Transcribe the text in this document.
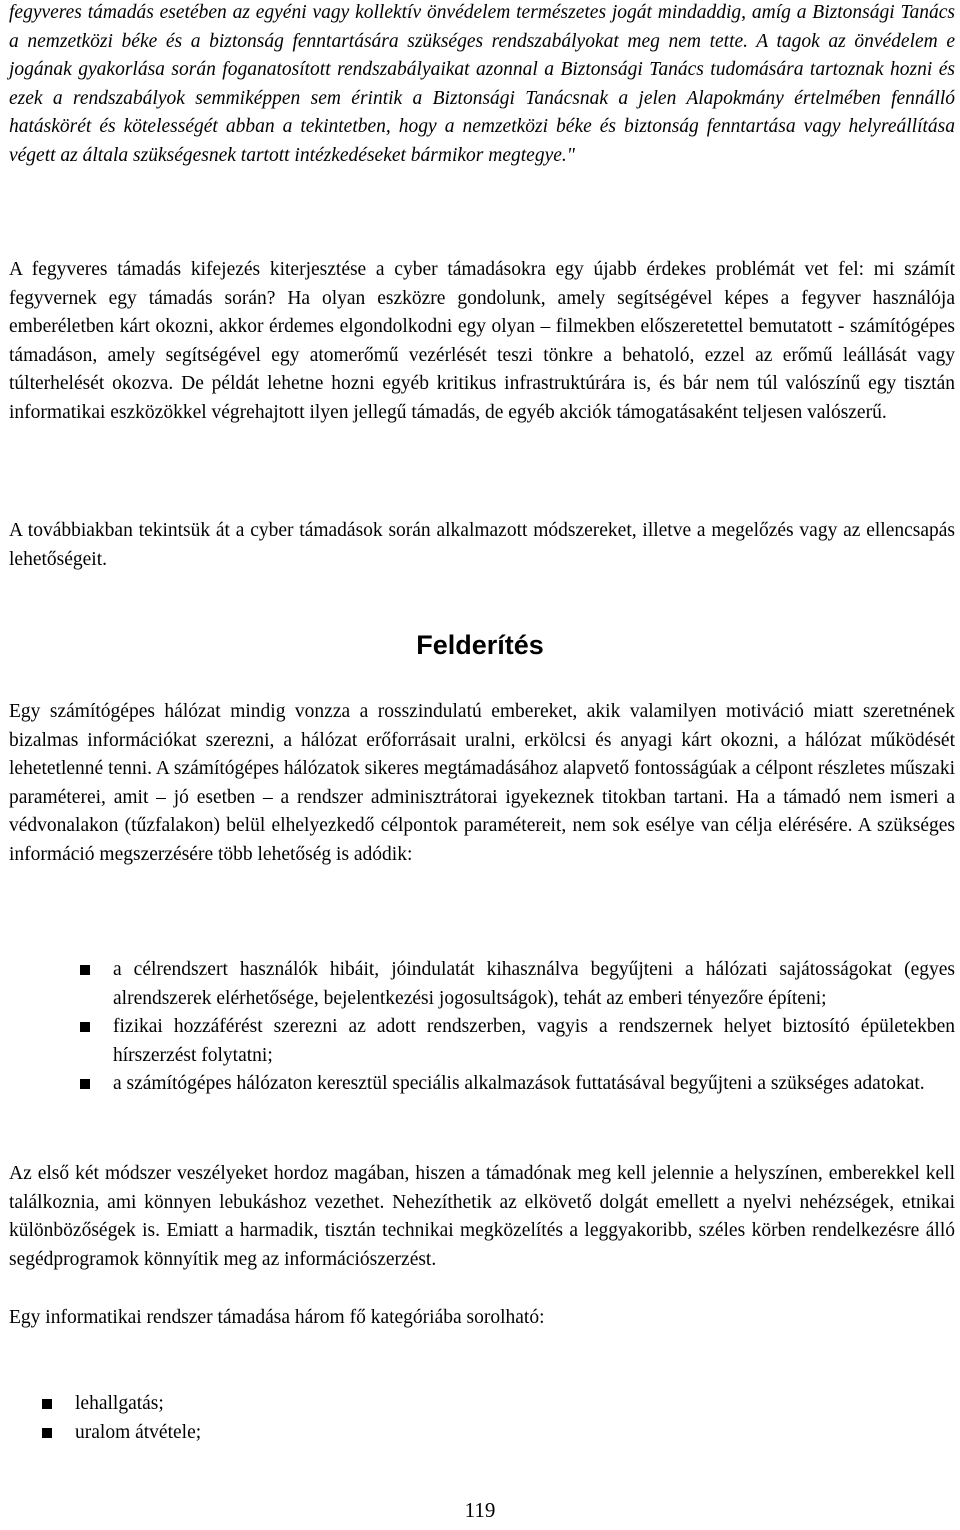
fegyveres támadás esetében az egyéni vagy kollektív önvédelem természetes jogát mindaddig, amíg a Biztonsági Tanács a nemzetközi béke és a biztonság fenntartására szükséges rendszabályokat meg nem tette. A tagok az önvédelem e jogának gyakorlása során foganatosított rendszabályaikat azonnal a Biztonsági Tanács tudomására tartoznak hozni és ezek a rendszabályok semmiképpen sem érintik a Biztonsági Tanácsnak a jelen Alapokmány értelmében fennálló hatáskörét és kötelességét abban a tekintetben, hogy a nemzetközi béke és biztonság fenntartása vagy helyreállítása végett az általa szükségesnek tartott intézkedéseket bármikor megtegye."

A fegyveres támadás kifejezés kiterjesztése a cyber támadásokra egy újabb érdekes problémát vet fel: mi számít fegyvernek egy támadás során? Ha olyan eszközre gondolunk, amely segítségével képes a fegyver használója emberéletben kárt okozni, akkor érdemes elgondolkodni egy olyan – filmekben előszeretettel bemutatott - számítógépes támadáson, amely segítségével egy atomerőmű vezérlését teszi tönkre a behatoló, ezzel az erőmű leállását vagy túlterhelését okozva. De példát lehetne hozni egyéb kritikus infrastruktúrára is, és bár nem túl valószínű egy tisztán informatikai eszközökkel végrehajtott ilyen jellegű támadás, de egyéb akciók támogatásaként teljesen valószerű.

A továbbiakban tekintsük át a cyber támadások során alkalmazott módszereket, illetve a megelőzés vagy az ellencsapás lehetőségeit.

Felderítés

Egy számítógépes hálózat mindig vonzza a rosszindulatú embereket, akik valamilyen motiváció miatt szeretnének bizalmas információkat szerezni, a hálózat erőforrásait uralni, erkölcsi és anyagi kárt okozni, a hálózat működését lehetetlenné tenni. A számítógépes hálózatok sikeres megtámadásához alapvető fontosságúak a célpont részletes műszaki paraméterei, amit – jó esetben – a rendszer adminisztrátorai igyekeznek titokban tartani. Ha a támadó nem ismeri a védvonalakon (tűzfalakon) belül elhelyezkedő célpontok paramétereit, nem sok esélye van célja elérésére. A szükséges információ megszerzésére több lehetőség is adódik:

a célrendszert használók hibáit, jóindulatát kihasználva begyűjteni a hálózati sajátosságokat (egyes alrendszerek elérhetősége, bejelentkezési jogosultságok), tehát az emberi tényezőre építeni;
fizikai hozzáférést szerezni az adott rendszerben, vagyis a rendszernek helyet biztosító épületekben hírszerzést folytatni;
a számítógépes hálózaton keresztül speciális alkalmazások futtatásával begyűjteni a szükséges adatokat.

Az első két módszer veszélyeket hordoz magában, hiszen a támadónak meg kell jelennie a helyszínen, emberekkel kell találkoznia, ami könnyen lebukáshoz vezethet. Nehezíthetik az elkövető dolgát emellett a nyelvi nehézségek, etnikai különbözőségek is. Emiatt a harmadik, tisztán technikai megközelítés a leggyakoribb, széles körben rendelkezésre álló segédprogramok könnyítik meg az információszerzést.

Egy informatikai rendszer támadása három fő kategóriába sorolható:

lehallgatás;
uralom átvétele;

119
